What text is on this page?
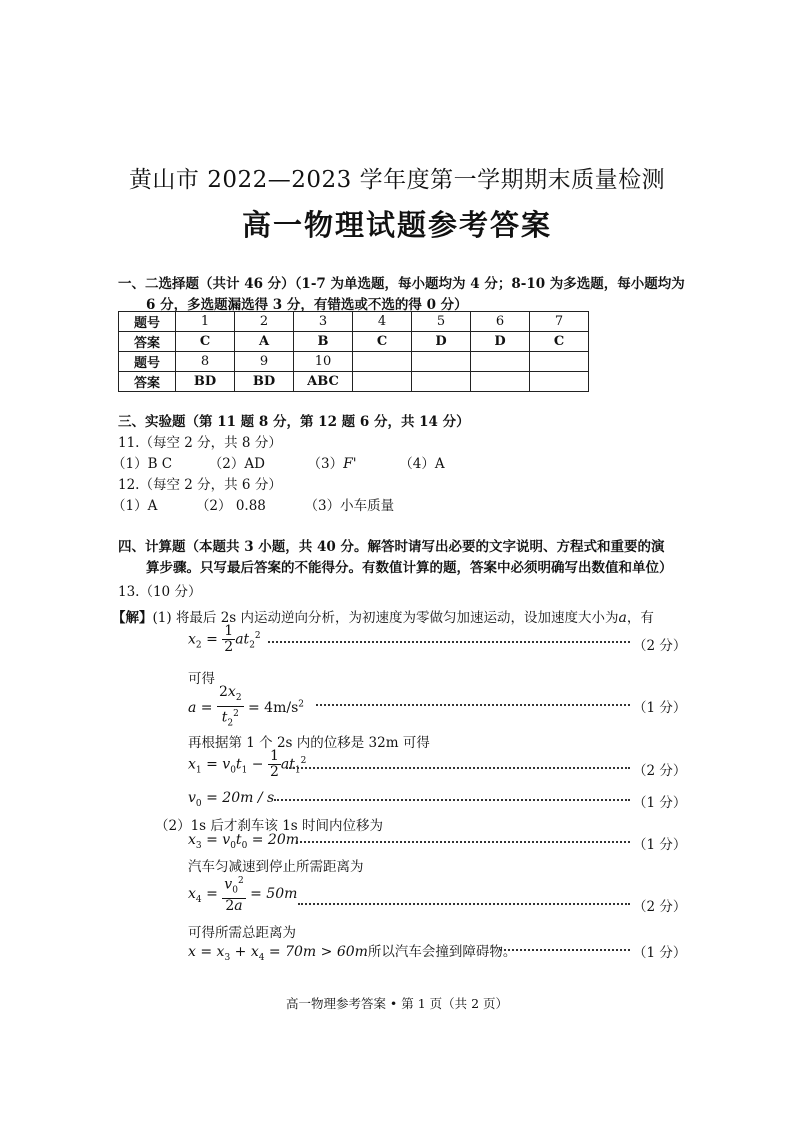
黄山市 2022—2023 学年度第一学期期末质量检测
高一物理试题参考答案
一、二选择题（共计 46 分）（1-7 为单选题，每小题均为 4 分；8-10 为多选题，每小题均为
6 分，多选题漏选得 3 分，有错选或不选的得 0 分）
题号	1	2	3	4	5	6	7
答案	C	A	B	C	D	D	C
题号	8	9	10				
答案	BD	BD	ABC				
三、实验题（第 11 题 8 分，第 12 题 6 分，共 14 分）
11.（每空 2 分，共 8 分）
（1）B C	（2）AD	（3）F'	（4）A
12.（每空 2 分，共 6 分）
（1）A	（2） 0.88	（3）小车质量
四、计算题（本题共 3 小题，共 40 分。解答时请写出必要的文字说明、方程式和重要的演
算步骤。只写最后答案的不能得分。有数值计算的题，答案中必须明确写出数值和单位）
13.（10 分）
【解】(1) 将最后 2s 内运动逆向分析，为初速度为零做匀加速运动，设加速度大小为a，有
$x_2 = \frac{1}{2} at_2^2$
（2 分）
可得
$a = \frac{2x_2}{t_2^2} = 4m/s^2$	（1 分）
再根据第 1 个 2s 内的位移是 32m 可得
$x_1 = v_0t_1 - \frac{1}{2} at_1^2$
（2 分）
$v_0 = 20m / s$	（1 分）
（2）1s 后才刹车该 1s 时间内位移为
$x_3 = v_0t_0 = 20m$	（1 分）
汽车匀减速到停止所需距离为
$x_4 = \frac{v_0^2}{2a} = 50m$
（2 分）
可得所需总距离为
$x = x_3 + x_4 = 70m > 60m$所以汽车会撞到障碍物。	（1 分）
高一物理参考答案 • 第 1 页（共 2 页）
